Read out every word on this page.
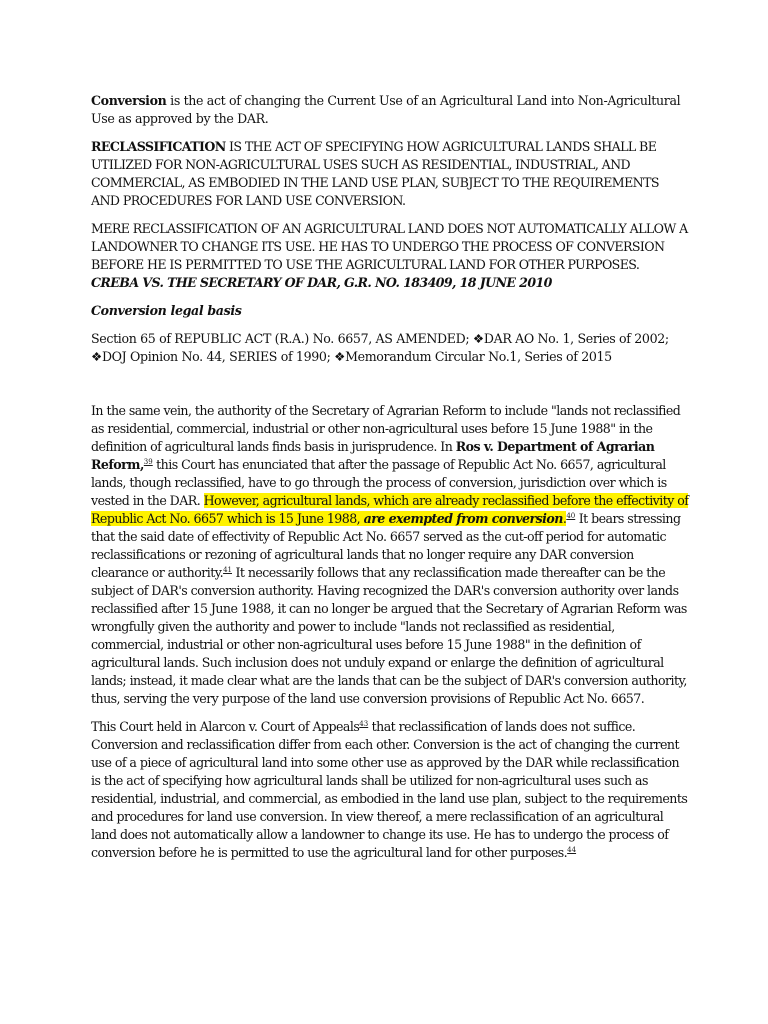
Conversion is the act of changing the Current Use of an Agricultural Land into Non-Agricultural Use as approved by the DAR.

RECLASSIFICATION IS THE ACT OF SPECIFYING HOW AGRICULTURAL LANDS SHALL BE UTILIZED FOR NON-AGRICULTURAL USES SUCH AS RESIDENTIAL, INDUSTRIAL, AND COMMERCIAL, AS EMBODIED IN THE LAND USE PLAN, SUBJECT TO THE REQUIREMENTS AND PROCEDURES FOR LAND USE CONVERSION.

MERE RECLASSIFICATION OF AN AGRICULTURAL LAND DOES NOT AUTOMATICALLY ALLOW A LANDOWNER TO CHANGE ITS USE. HE HAS TO UNDERGO THE PROCESS OF CONVERSION BEFORE HE IS PERMITTED TO USE THE AGRICULTURAL LAND FOR OTHER PURPOSES. CREBA VS. THE SECRETARY OF DAR, G.R. NO. 183409, 18 JUNE 2010

Conversion legal basis

Section 65 of REPUBLIC ACT (R.A.) No. 6657, AS AMENDED; ❖DAR AO No. 1, Series of 2002; ❖DOJ Opinion No. 44, SERIES of 1990; ❖Memorandum Circular No.1, Series of 2015

In the same vein, the authority of the Secretary of Agrarian Reform to include "lands not reclassified as residential, commercial, industrial or other non-agricultural uses before 15 June 1988" in the definition of agricultural lands finds basis in jurisprudence. In Ros v. Department of Agrarian Reform,$^{39}$ this Court has enunciated that after the passage of Republic Act No. 6657, agricultural lands, though reclassified, have to go through the process of conversion, jurisdiction over which is vested in the DAR. However, agricultural lands, which are already reclassified before the effectivity of Republic Act No. 6657 which is 15 June 1988, are exempted from conversion.$^{40}$ It bears stressing that the said date of effectivity of Republic Act No. 6657 served as the cut-off period for automatic reclassifications or rezoning of agricultural lands that no longer require any DAR conversion clearance or authority.$^{41}$ It necessarily follows that any reclassification made thereafter can be the subject of DAR's conversion authority. Having recognized the DAR's conversion authority over lands reclassified after 15 June 1988, it can no longer be argued that the Secretary of Agrarian Reform was wrongfully given the authority and power to include "lands not reclassified as residential, commercial, industrial or other non-agricultural uses before 15 June 1988" in the definition of agricultural lands. Such inclusion does not unduly expand or enlarge the definition of agricultural lands; instead, it made clear what are the lands that can be the subject of DAR's conversion authority, thus, serving the very purpose of the land use conversion provisions of Republic Act No. 6657.

This Court held in Alarcon v. Court of Appeals$^{43}$ that reclassification of lands does not suffice. Conversion and reclassification differ from each other. Conversion is the act of changing the current use of a piece of agricultural land into some other use as approved by the DAR while reclassification is the act of specifying how agricultural lands shall be utilized for non-agricultural uses such as residential, industrial, and commercial, as embodied in the land use plan, subject to the requirements and procedures for land use conversion. In view thereof, a mere reclassification of an agricultural land does not automatically allow a landowner to change its use. He has to undergo the process of conversion before he is permitted to use the agricultural land for other purposes.$^{44}$
